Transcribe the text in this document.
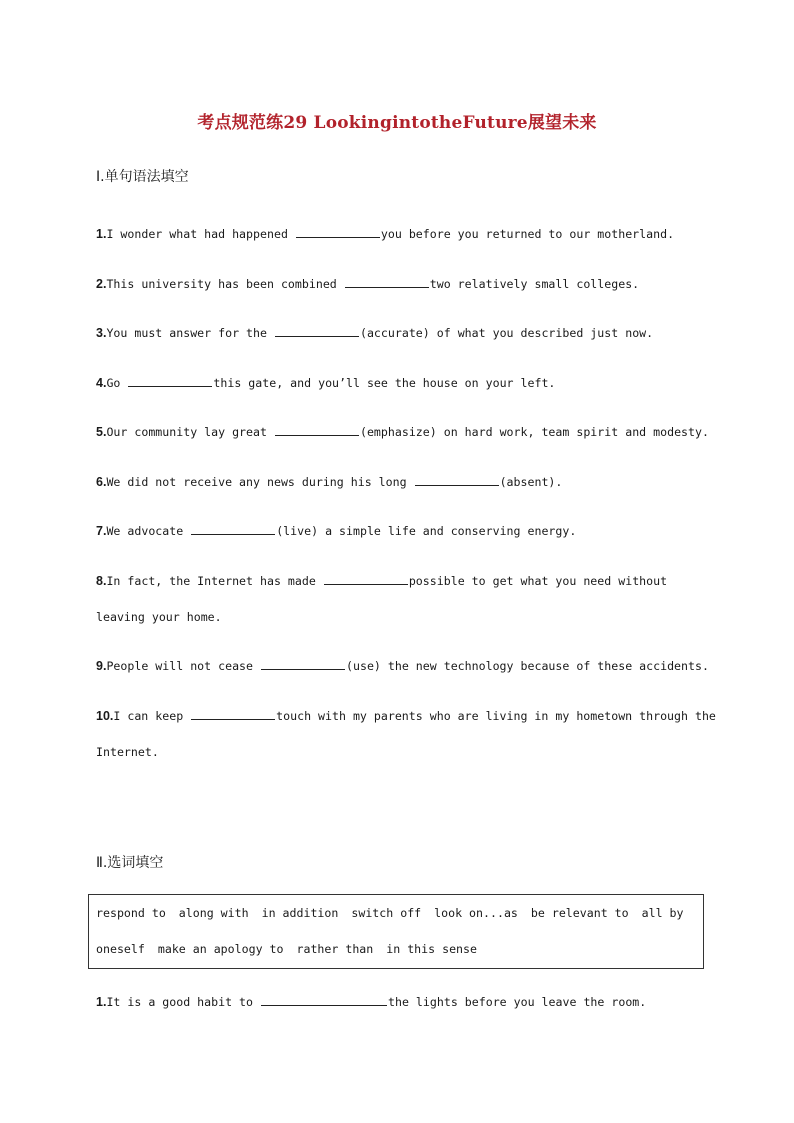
考点规范练29 LookingintotheFuture展望未来
Ⅰ.单句语法填空
1.I wonder what had happened	you before you returned to our motherland.
2.This university has been combined	two relatively small colleges.
3.You must answer for the	(accurate) of what you described just now.
4.Go	this gate, and you’ll see the house on your left.
5.Our community lay great	(emphasize) on hard work, team spirit and modesty.
6.We did not receive any news during his long	(absent).
7.We advocate	(live) a simple life and conserving energy.
8.In fact, the Internet has made	possible to get what you need without leaving your home.
9.People will not cease	(use) the new technology because of these accidents.
10.I can keep	touch with my parents who are living in my hometown through the Internet.
Ⅱ.选词填空
respond to along with in addition switch off look on...as be relevant to all by oneself make an apology to rather than in this sense
1.It is a good habit to	the lights before you leave the room.
